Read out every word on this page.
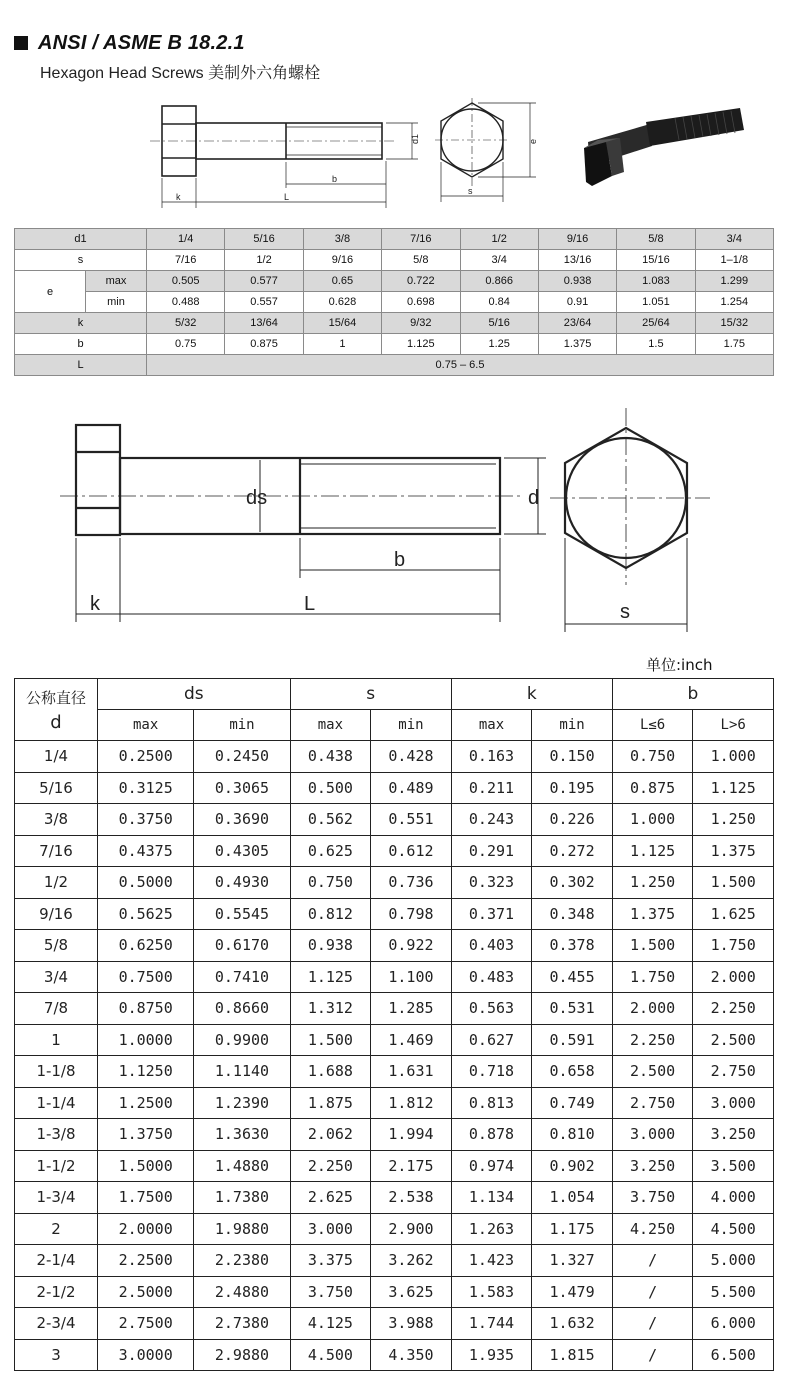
ANSI / ASME B 18.2.1
Hexagon Head Screws 美制外六角螺栓
k	L
b
d1
s
e
d1		1/4	5/16	3/8	7/16	1/2	9/16	5/8	3/4
s		7/16	1/2	9/16	5/8	3/4	13/16	15/16	1–1/8
e	max	0.505	0.577	0.65	0.722	0.866	0.938	1.083	1.299
	min	0.488	0.557	0.628	0.698	0.84	0.91	1.051	1.254
k		5/32	13/64	15/64	9/32	5/16	23/64	25/64	15/32
b		0.75	0.875	1	1.125	1.25	1.375	1.5	1.75
L		0.75 – 6.5							
ds
b
k	L
d
s
单位:inch
公称直径
d	ds		s		k		b	
	max	min	max	min	max	min	L≤6	L>6
1/4	0.2500	0.2450	0.438	0.428	0.163	0.150	0.750	1.000
5/16	0.3125	0.3065	0.500	0.489	0.211	0.195	0.875	1.125
3/8	0.3750	0.3690	0.562	0.551	0.243	0.226	1.000	1.250
7/16	0.4375	0.4305	0.625	0.612	0.291	0.272	1.125	1.375
1/2	0.5000	0.4930	0.750	0.736	0.323	0.302	1.250	1.500
9/16	0.5625	0.5545	0.812	0.798	0.371	0.348	1.375	1.625
5/8	0.6250	0.6170	0.938	0.922	0.403	0.378	1.500	1.750
3/4	0.7500	0.7410	1.125	1.100	0.483	0.455	1.750	2.000
7/8	0.8750	0.8660	1.312	1.285	0.563	0.531	2.000	2.250
1	1.0000	0.9900	1.500	1.469	0.627	0.591	2.250	2.500
1-1/8	1.1250	1.1140	1.688	1.631	0.718	0.658	2.500	2.750
1-1/4	1.2500	1.2390	1.875	1.812	0.813	0.749	2.750	3.000
1-3/8	1.3750	1.3630	2.062	1.994	0.878	0.810	3.000	3.250
1-1/2	1.5000	1.4880	2.250	2.175	0.974	0.902	3.250	3.500
1-3/4	1.7500	1.7380	2.625	2.538	1.134	1.054	3.750	4.000
2	2.0000	1.9880	3.000	2.900	1.263	1.175	4.250	4.500
2-1/4	2.2500	2.2380	3.375	3.262	1.423	1.327	/	5.000
2-1/2	2.5000	2.4880	3.750	3.625	1.583	1.479	/	5.500
2-3/4	2.7500	2.7380	4.125	3.988	1.744	1.632	/	6.000
3	3.0000	2.9880	4.500	4.350	1.935	1.815	/	6.500
